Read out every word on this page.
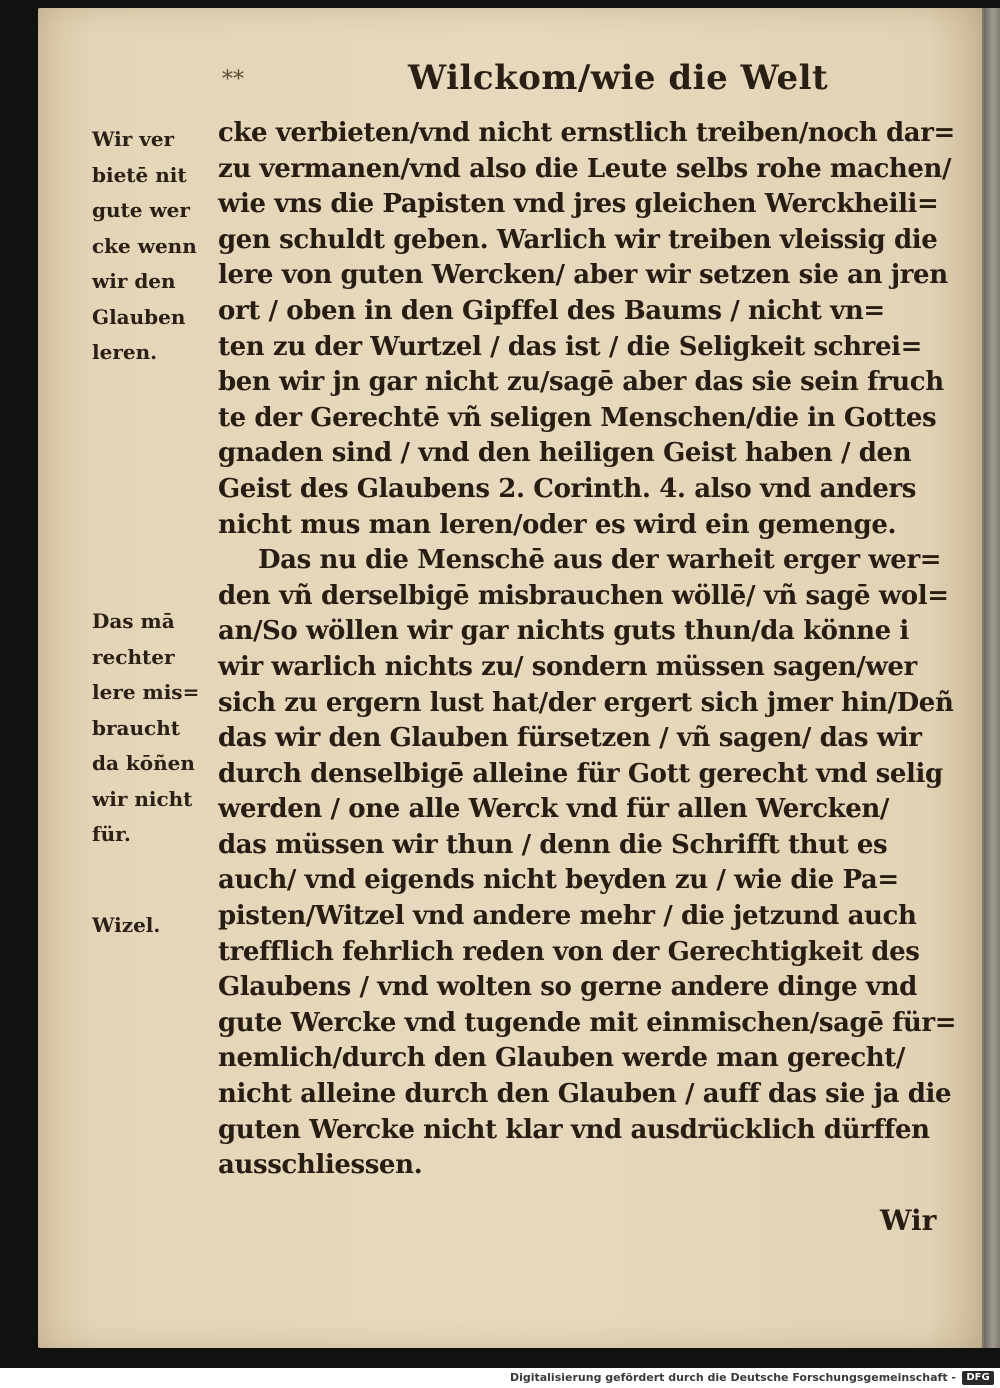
⁎⁎	Wilckom/wie die Welt
Wir ver
bietē nit
gute wer
cke wenn
wir den
Glauben
leren.
Das mā
rechter
lere mis=
braucht
da kōñen
wir nicht
für.
Wizel.
cke verbieten/vnd nicht ernstlich treiben/noch dar=
zu vermanen/vnd also die Leute selbs rohe machen/
wie vns die Papisten vnd jres gleichen Werckheili=
gen schuldt geben. Warlich wir treiben vleissig die
lere von guten Wercken/ aber wir setzen sie an jren
ort / oben in den Gipffel des Baums / nicht vn=
ten zu der Wurtzel / das ist / die Seligkeit schrei=
ben wir jn gar nicht zu/sagē aber das sie sein fruch
te der Gerechtē vñ seligen Menschen/die in Gottes
gnaden sind / vnd den heiligen Geist haben / den
Geist des Glaubens 2. Corinth. 4. also vnd anders
nicht mus man leren/oder es wird ein gemenge.
Das nu die Menschē aus der warheit erger wer=
den vñ derselbigē misbrauchen wöllē/ vñ sagē wol=
an/So wöllen wir gar nichts guts thun/da könne i
wir warlich nichts zu/ sondern müssen sagen/wer
sich zu ergern lust hat/der ergert sich jmer hin/Deñ
das wir den Glauben fürsetzen / vñ sagen/ das wir
durch denselbigē alleine für Gott gerecht vnd selig
werden / one alle Werck vnd für allen Wercken/
das müssen wir thun / denn die Schrifft thut es
auch/ vnd eigends nicht beyden zu / wie die Pa=
pisten/Witzel vnd andere mehr / die jetzund auch
trefflich fehrlich reden von der Gerechtigkeit des
Glaubens / vnd wolten so gerne andere dinge vnd
gute Wercke vnd tugende mit einmischen/sagē für=
nemlich/durch den Glauben werde man gerecht/
nicht alleine durch den Glauben / auff das sie ja die
guten Wercke nicht klar vnd ausdrücklich dürffen
ausschliessen.
Wir
Digitalisierung gefördert durch die Deutsche Forschungsgemeinschaft -	DFG
